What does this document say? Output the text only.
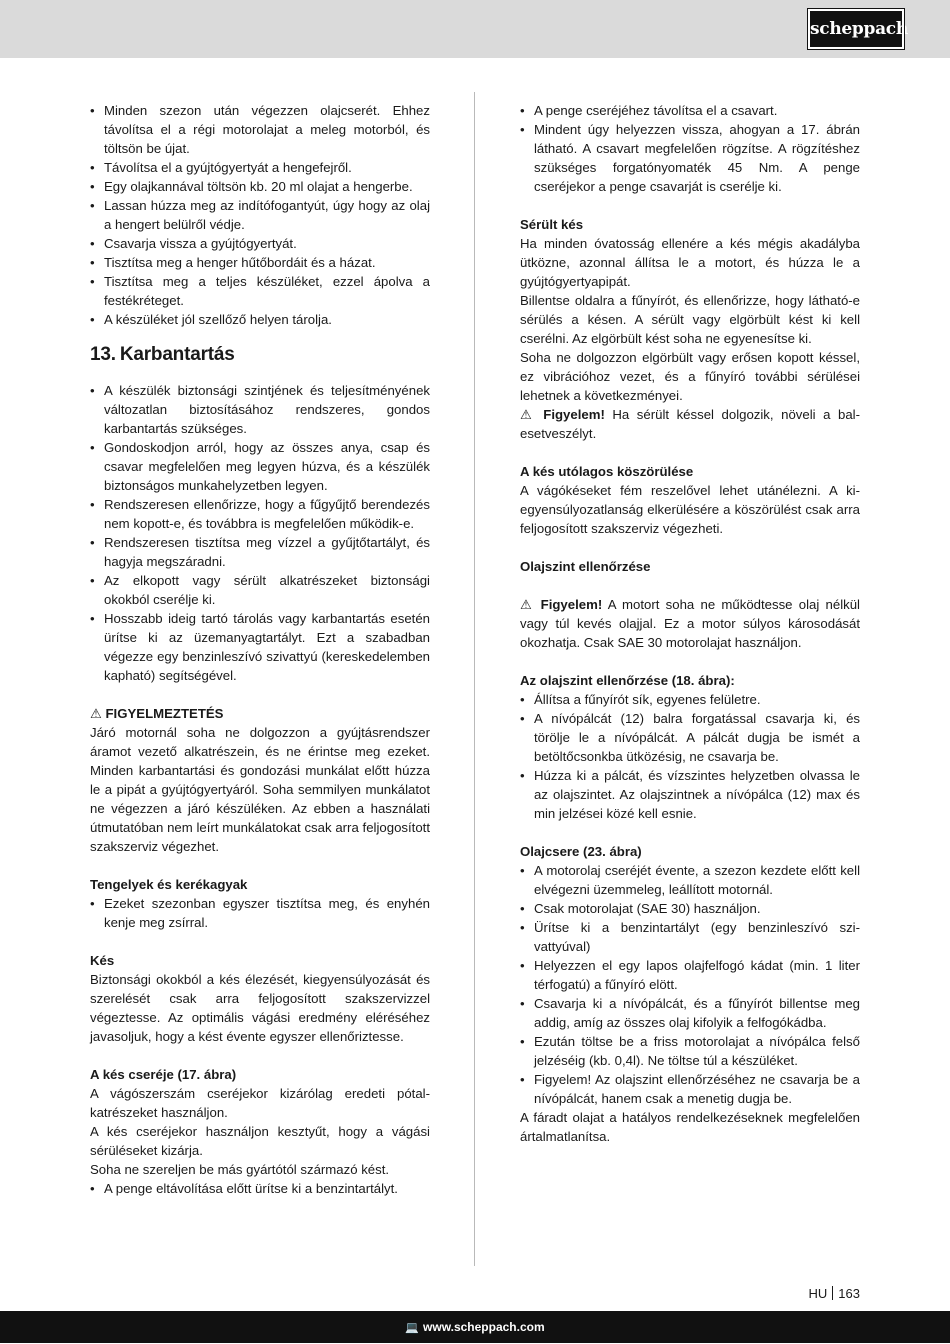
scheppach
• Minden szezon után végezzen olajcserét. Ehhez távolítsa el a régi motorolajat a meleg motorból, és töltsön be újat.
• Távolítsa el a gyújtógyertyát a hengefejről.
• Egy olajkannával töltsön kb. 20 ml olajat a hengerbe.
• Lassan húzza meg az indítófogantyút, úgy hogy az olaj a hengert belülről védje.
• Csavarja vissza a gyújtógyertyát.
• Tisztítsa meg a henger hűtőbordáit és a házat.
• Tisztítsa meg a teljes készüléket, ezzel ápolva a festékréteget.
• A készüléket jól szellőző helyen tárolja.
13. Karbantartás
• A készülék biztonsági szintjének és teljesítményének változatlan biztosításához rendszeres, gondos karbantartás szükséges.
• Gondoskodjon arról, hogy az összes anya, csap és csavar megfelelően meg legyen húzva, és a készülék biztonságos munkahelyzetben legyen.
• Rendszeresen ellenőrizze, hogy a fűgyűjtő berendezés nem kopott-e, és továbbra is megfelelően működik-e.
• Rendszeresen tisztítsa meg vízzel a gyűjtőtartályt, és hagyja megszáradni.
• Az elkopott vagy sérült alkatrészeket biztonsági okokból cserélje ki.
• Hosszabb ideig tartó tárolás vagy karbantartás esetén ürítse ki az üzemanyagtartályt. Ezt a szabadban végezze egy benzinleszívó szivattyú (kereskedelemben kapható) segítségével.

⚠ FIGYELMEZTETÉS

Járó motornál soha ne dolgozzon a gyújtásrendszer áramot vezető alkatrészein, és ne érintse meg ezeket. Minden karbantartási és gondozási munkálat előtt húzza le a pipát a gyújtógyertyáról. Soha semmilyen munkálatot ne végezzen a járó készüléken. Az ebben a használati útmutatóban nem leírt munkálatokat csak arra feljogosított szakszerviz végezhet.

Tengelyek és kerékagyak

• Ezeket szezonban egyszer tisztítsa meg, és enyhén kenje meg zsírral.

Kés

Biztonsági okokból a kés élezését, kiegyensúlyozását és szerelését csak arra feljogosított szakszervizzel végeztesse. Az optimális vágási eredmény eléréséhez javasoljuk, hogy a kést évente egyszer ellenőriztesse.

A kés cseréje (17. ábra)

A vágószerszám cseréjekor kizárólag eredeti pótalkatrészeket használjon.

A kés cseréjekor használjon kesztyűt, hogy a vágási sérüléseket kizárja.

Soha ne szereljen be más gyártótól származó kést.

• A penge eltávolítása előtt ürítse ki a benzintartályt.
• A penge cseréjéhez távolítsa el a csavart.
• Mindent úgy helyezzen vissza, ahogyan a 17. ábrán látható. A csavart megfelelően rögzítse. A rögzítéshez szükséges forgatónyomaték 45 Nm. A penge cseréjekor a penge csavarját is cserélje ki.

Sérült kés

Ha minden óvatosság ellenére a kés mégis akadályba ütközne, azonnal állítsa le a motort, és húzza le a gyújtógyertyapipát.

Billentse oldalra a fűnyírót, és ellenőrizze, hogy látható-e sérülés a késen. A sérült vagy elgörbült kést ki kell cserélni. Az elgörbült kést soha ne egyenesítse ki.

Soha ne dolgozzon elgörbült vagy erősen kopott késsel, ez vibrációhoz vezet, és a fűnyíró további sérülései lehetnek a következményei.

⚠ Figyelem! Ha sérült késsel dolgozik, növeli a balesetveszélyt.

A kés utólagos köszörülése

A vágókéseket fém reszelővel lehet utánélezni. A kiegyensúlyozatlanság elkerülésére a köszörülést csak arra feljogosított szakszerviz végezheti.

Olajszint ellenőrzése

⚠ Figyelem! A motort soha ne működtesse olaj nélkül vagy túl kevés olajjal. Ez a motor súlyos károsodását okozhatja. Csak SAE 30 motorolajat használjon.

Az olajszint ellenőrzése (18. ábra):

• Állítsa a fűnyírót sík, egyenes felületre.
• A nívópálcát (12) balra forgatással csavarja ki, és törölje le a nívópálcát. A pálcát dugja be ismét a betöltőcsonkba ütközésig, ne csavarja be.
• Húzza ki a pálcát, és vízszintes helyzetben olvassa le az olajszintet. Az olajszintnek a nívópálca (12) max és min jelzései közé kell esnie.

Olajcsere (23. ábra)

• A motorolaj cseréjét évente, a szezon kezdete előtt kell elvégezni üzemmeleg, leállított motornál.
• Csak motorolajat (SAE 30) használjon.
• Ürítse ki a benzintartályt (egy benzinleszívó szivattyúval)
• Helyezzen el egy lapos olajfelfogó kádat (min. 1 liter térfogatú) a fűnyíró elött.
• Csavarja ki a nívópálcát, és a fűnyírót billentse meg addig, amíg az összes olaj kifolyik a felfogókádba.
• Ezután töltse be a friss motorolajat a nívópálca felső jelzéséig (kb. 0,4l). Ne töltse túl a készüléket.
• Figyelem! Az olajszint ellenőrzéséhez ne csavarja be a nívópálcát, hanem csak a menetig dugja be.

A fáradt olajat a hatályos rendelkezéseknek megfelelően ártalmatlanítsa.

HU 163
💻 www.scheppach.com
